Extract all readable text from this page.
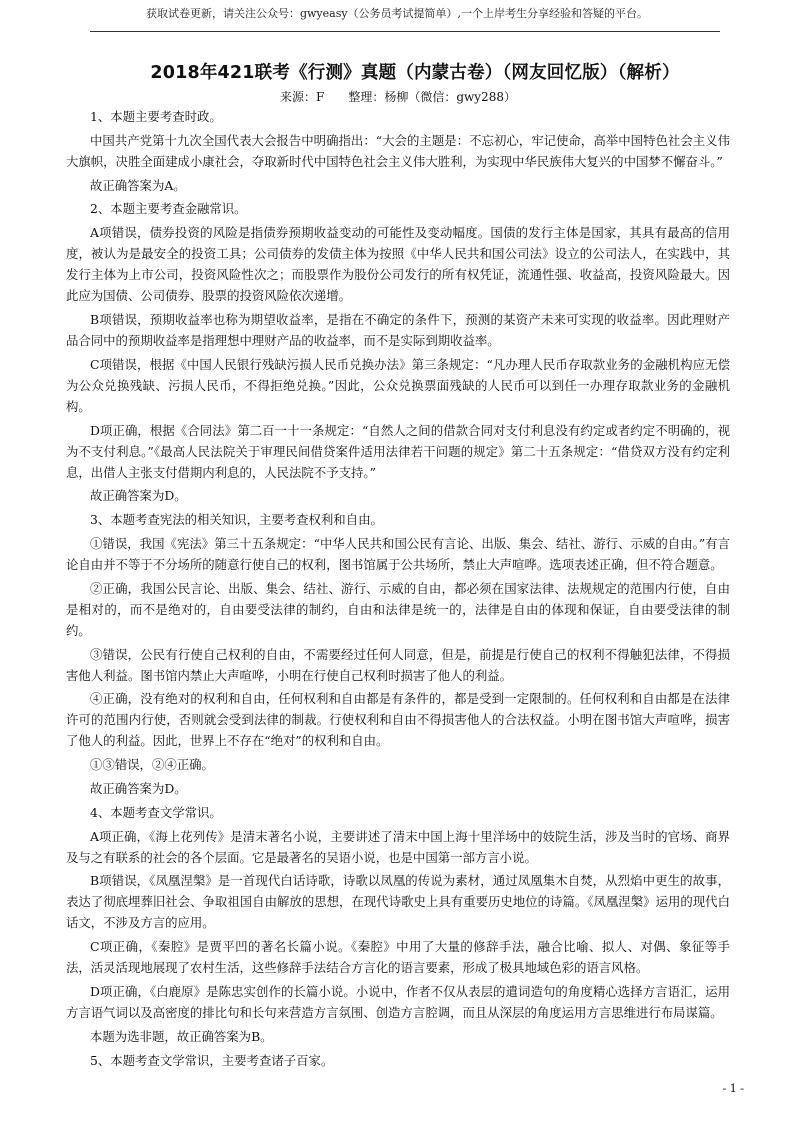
获取试卷更新，请关注公众号：gwyeasy（公务员考试提简单）,一个上岸考生分享经验和答疑的平台。
2018年421联考《行测》真题（内蒙古卷）（网友回忆版）（解析）
来源：F　　整理：杨柳（微信：gwy288）

1、本题主要考查时政。

中国共产党第十九次全国代表大会报告中明确指出：“大会的主题是：不忘初心，牢记使命，高举中国特色社会主义伟大旗帜，决胜全面建成小康社会，夺取新时代中国特色社会主义伟大胜利，为实现中华民族伟大复兴的中国梦不懈奋斗。”

故正确答案为A。

2、本题主要考查金融常识。

A项错误，债券投资的风险是指债券预期收益变动的可能性及变动幅度。国债的发行主体是国家，其具有最高的信用度，被认为是最安全的投资工具；公司债券的发债主体为按照《中华人民共和国公司法》设立的公司法人，在实践中，其发行主体为上市公司，投资风险性次之；而股票作为股份公司发行的所有权凭证，流通性强、收益高，投资风险最大。因此应为国债、公司债券、股票的投资风险依次递增。

B项错误，预期收益率也称为期望收益率，是指在不确定的条件下，预测的某资产未来可实现的收益率。因此理财产品合同中的预期收益率是指理想中理财产品的收益率，而不是实际到期收益率。

C项错误，根据《中国人民银行残缺污损人民币兑换办法》第三条规定：“凡办理人民币存取款业务的金融机构应无偿为公众兑换残缺、污损人民币，不得拒绝兑换。”因此，公众兑换票面残缺的人民币可以到任一办理存取款业务的金融机构。

D项正确，根据《合同法》第二百一十一条规定：“自然人之间的借款合同对支付利息没有约定或者约定不明确的，视为不支付利息。”《最高人民法院关于审理民间借贷案件适用法律若干问题的规定》第二十五条规定：“借贷双方没有约定利息，出借人主张支付借期内利息的，人民法院不予支持。”

故正确答案为D。

3、本题考查宪法的相关知识，主要考查权利和自由。

①错误，我国《宪法》第三十五条规定：“中华人民共和国公民有言论、出版、集会、结社、游行、示威的自由。”有言论自由并不等于不分场所的随意行使自己的权利，图书馆属于公共场所，禁止大声喧哗。选项表述正确，但不符合题意。

②正确，我国公民言论、出版、集会、结社、游行、示威的自由，都必须在国家法律、法规规定的范围内行使，自由是相对的，而不是绝对的，自由要受法律的制约，自由和法律是统一的，法律是自由的体现和保证，自由要受法律的制约。

③错误，公民有行使自己权利的自由，不需要经过任何人同意，但是，前提是行使自己的权利不得触犯法律，不得损害他人利益。图书馆内禁止大声喧哗，小明在行使自己权利时损害了他人的利益。

④正确，没有绝对的权利和自由，任何权利和自由都是有条件的，都是受到一定限制的。任何权利和自由都是在法律许可的范围内行使，否则就会受到法律的制裁。行使权利和自由不得损害他人的合法权益。小明在图书馆大声喧哗，损害了他人的利益。因此，世界上不存在“绝对”的权利和自由。

①③错误，②④正确。

故正确答案为D。

4、本题考查文学常识。

A项正确，《海上花列传》是清末著名小说，主要讲述了清末中国上海十里洋场中的妓院生活，涉及当时的官场、商界及与之有联系的社会的各个层面。它是最著名的吴语小说，也是中国第一部方言小说。

B项错误，《凤凰涅槃》是一首现代白话诗歌，诗歌以凤凰的传说为素材，通过凤凰集木自焚，从烈焰中更生的故事，表达了彻底埋葬旧社会、争取祖国自由解放的思想，在现代诗歌史上具有重要历史地位的诗篇。《凤凰涅槃》运用的现代白话文，不涉及方言的应用。

C项正确，《秦腔》是贾平凹的著名长篇小说。《秦腔》中用了大量的修辞手法，融合比喻、拟人、对偶、象征等手法，活灵活现地展现了农村生活，这些修辞手法结合方言化的语言要素，形成了极具地域色彩的语言风格。

D项正确，《白鹿原》是陈忠实创作的长篇小说。小说中，作者不仅从表层的遣词造句的角度精心选择方言语汇，运用方言语气词以及高密度的排比句和长句来营造方言氛围、创造方言腔调，而且从深层的角度运用方言思维进行布局谋篇。

本题为选非题，故正确答案为B。

5、本题考查文学常识，主要考查诸子百家。

- 1 -
